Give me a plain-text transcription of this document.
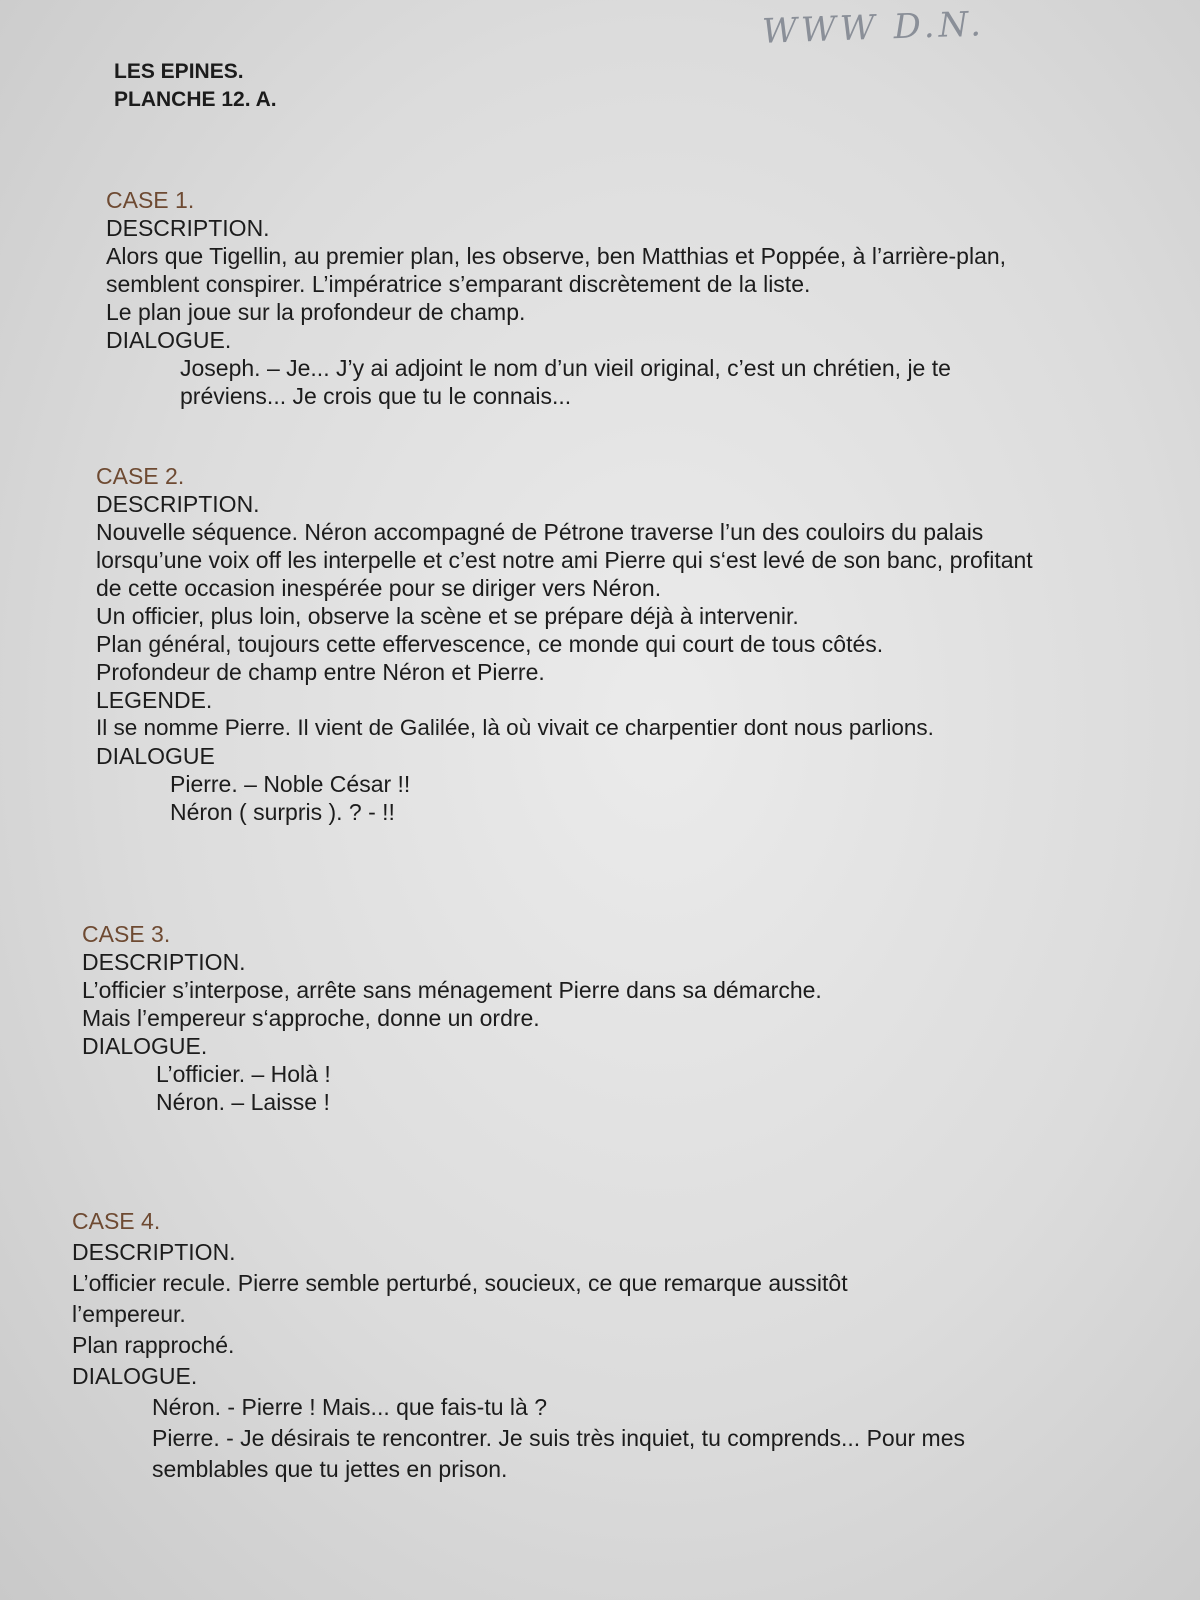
WWW D.N.
LES EPINES.
PLANCHE 12. A.
CASE 1.
DESCRIPTION.

Alors que Tigellin, au premier plan, les observe, ben Matthias et Poppée, à l’arrière-plan, semblent conspirer. L’impératrice s’emparant discrètement de la liste.

Le plan joue sur la profondeur de champ.

DIALOGUE.

Joseph. – Je... J’y ai adjoint le nom d’un vieil original, c’est un chrétien, je te préviens... Je crois que tu le connais...

CASE 2.
DESCRIPTION.

Nouvelle séquence. Néron accompagné de Pétrone traverse l’un des couloirs du palais lorsqu’une voix off les interpelle et c’est notre ami Pierre qui s‘est levé de son banc, profitant de cette occasion inespérée pour se diriger vers Néron.

Un officier, plus loin, observe la scène et se prépare déjà à intervenir.

Plan général, toujours cette effervescence, ce monde qui court de tous côtés.

Profondeur de champ entre Néron et Pierre.

LEGENDE.

Il se nomme Pierre. Il vient de Galilée, là où vivait ce charpentier dont nous parlions.

DIALOGUE

Pierre. – Noble César !!

Néron ( surpris ). ? - !!

CASE 3.
DESCRIPTION.

L’officier s’interpose, arrête sans ménagement Pierre dans sa démarche.

Mais l’empereur s‘approche, donne un ordre.

DIALOGUE.

L’officier. – Holà !

Néron. – Laisse !

CASE 4.
DESCRIPTION.

L’officier recule. Pierre semble perturbé, soucieux, ce que remarque aussitôt

l’empereur.

Plan rapproché.

DIALOGUE.

Néron. - Pierre ! Mais... que fais-tu là ?

Pierre. - Je désirais te rencontrer. Je suis très inquiet, tu comprends... Pour mes semblables que tu jettes en prison.
